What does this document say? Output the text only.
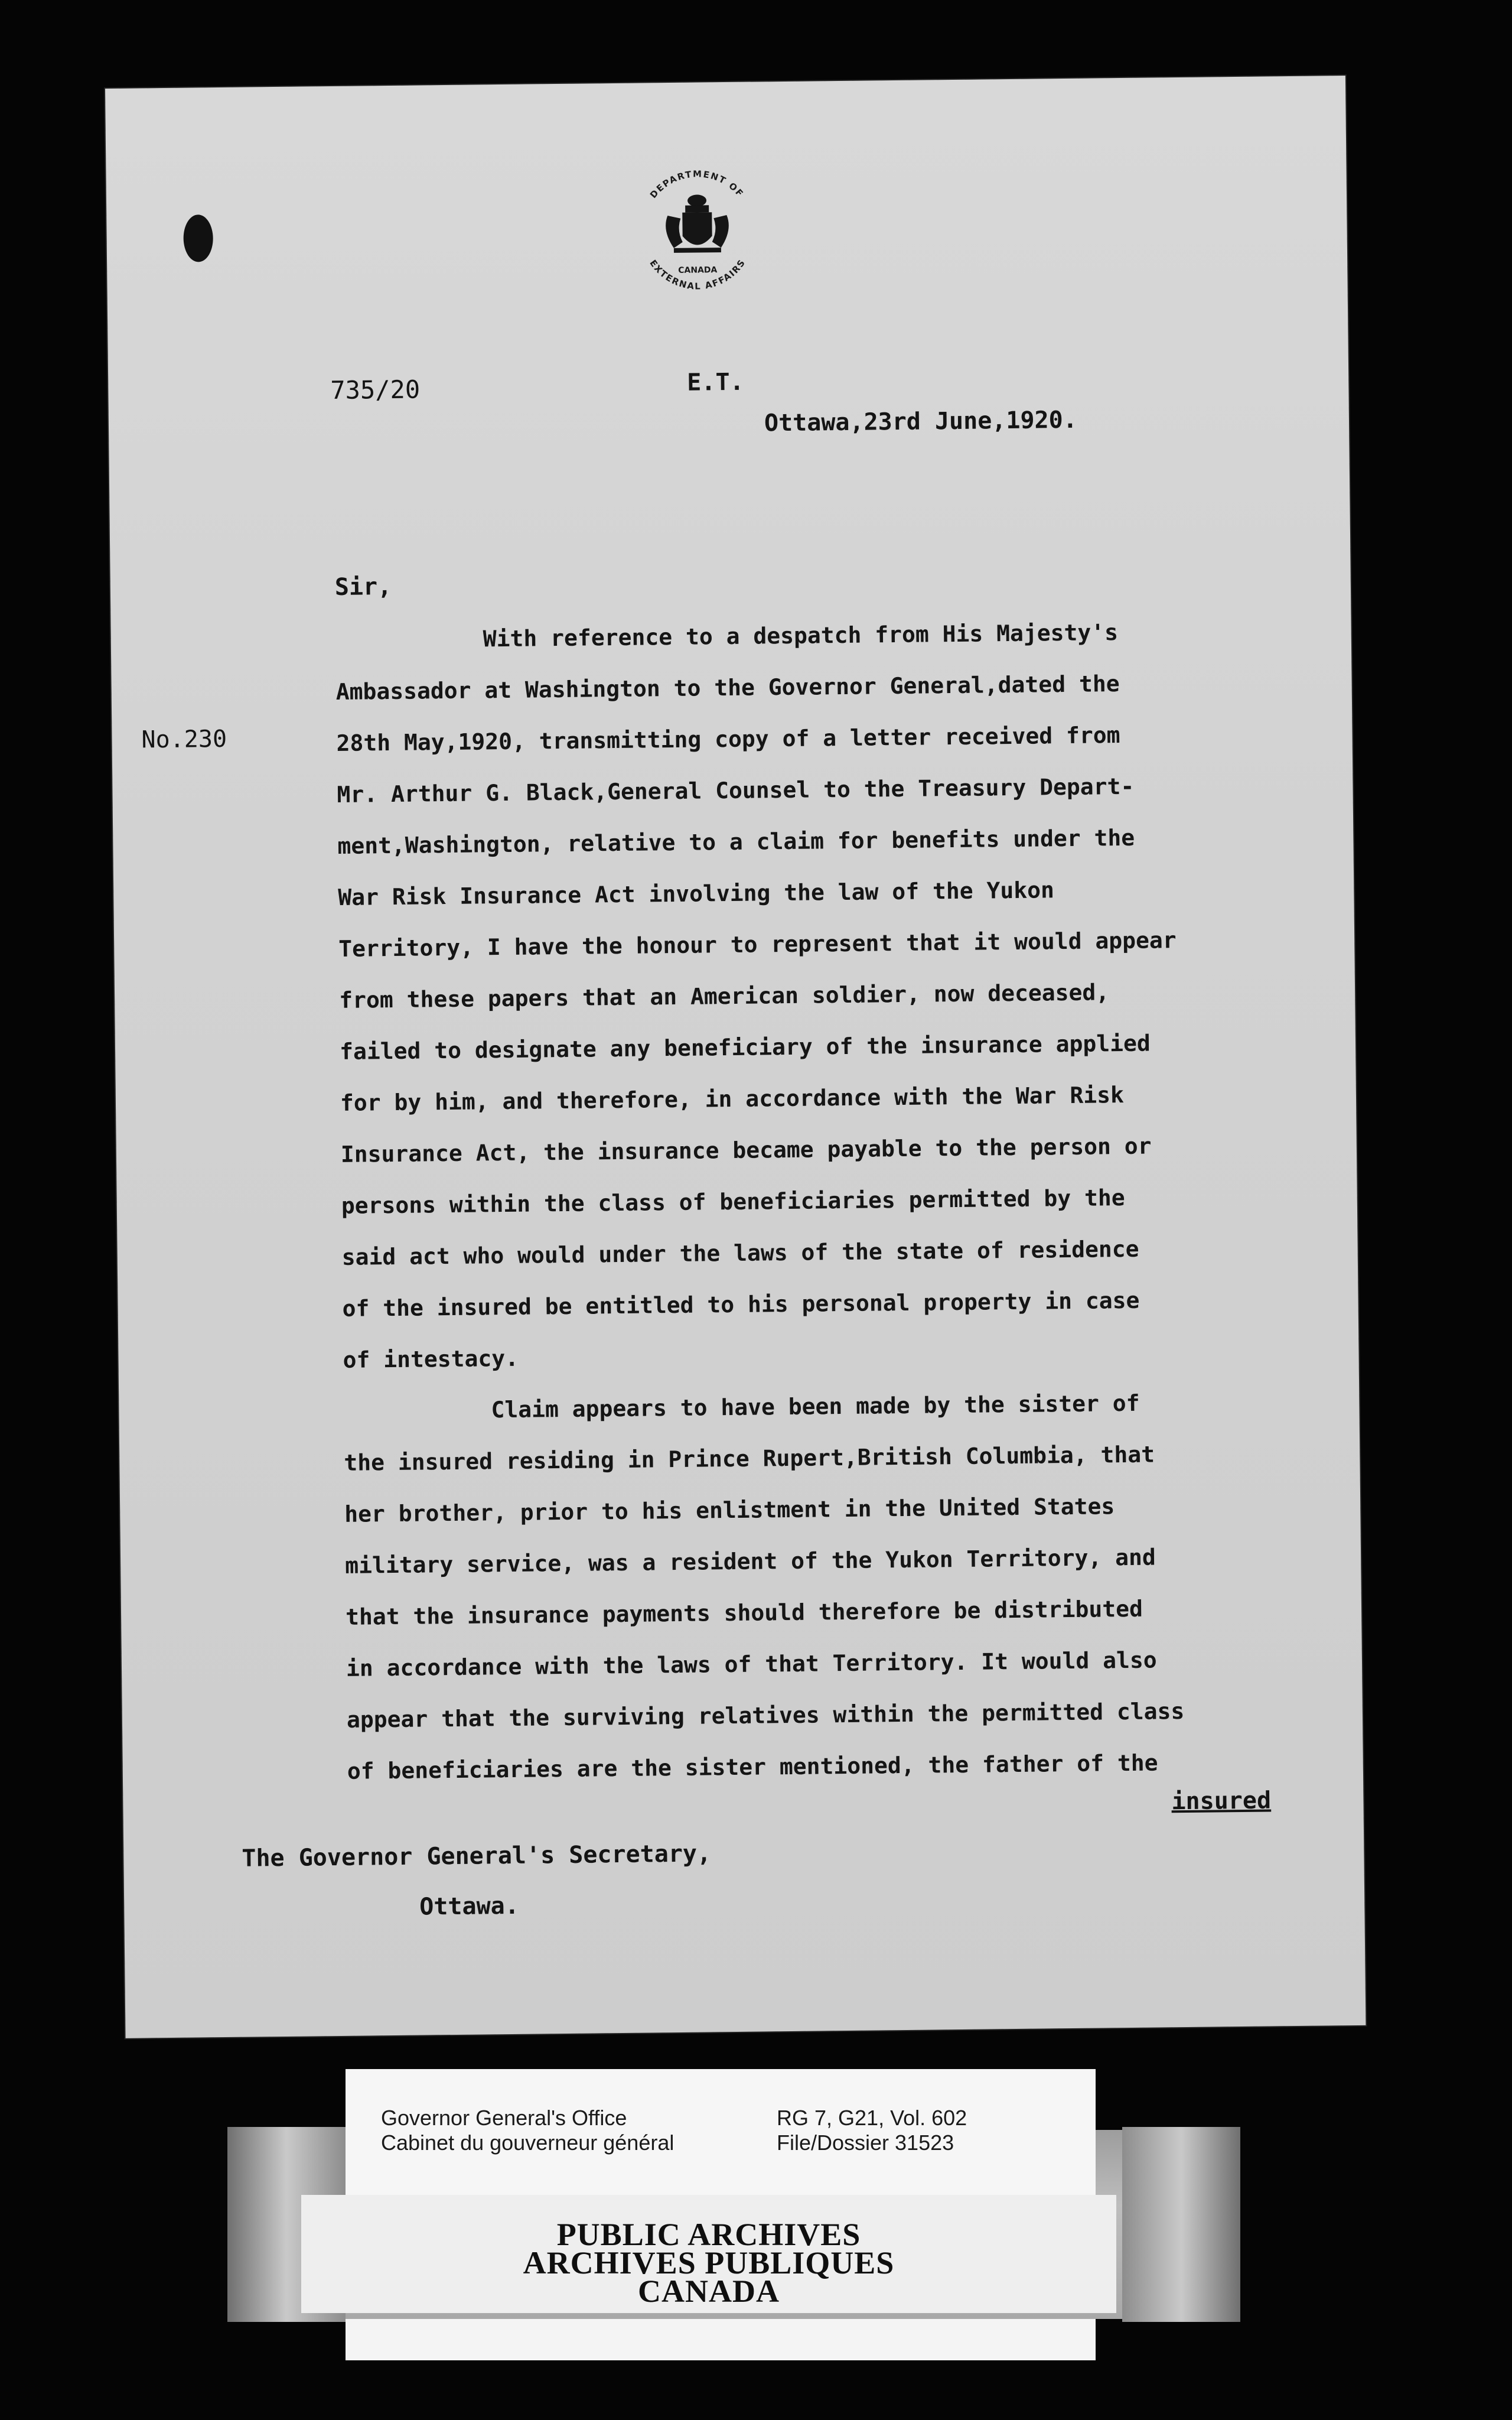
DEPARTMENT OF
EXTERNAL AFFAIRS
CANADA
735/20	E.T.
Ottawa,23rd June,1920.
Sir,
No.230
With reference to a despatch from His Majesty's
Ambassador at Washington to the Governor General,dated the
28th May,1920, transmitting copy of a letter received from
Mr. Arthur G. Black,General Counsel to the Treasury Depart-
ment,Washington, relative to a claim for benefits under the
War Risk Insurance Act involving the law of the Yukon
Territory, I have the honour to represent that it would appear
from these papers that an American soldier, now deceased,
failed to designate any beneficiary of the insurance applied
for by him, and therefore, in accordance with the War Risk
Insurance Act, the insurance became payable to the person or
persons within the class of beneficiaries permitted by the
said act who would under the laws of the state of residence
of the insured be entitled to his personal property in case
of intestacy.
Claim appears to have been made by the sister of
the insured residing in Prince Rupert,British Columbia, that
her brother, prior to his enlistment in the United States
military service, was a resident of the Yukon Territory, and
that the insurance payments should therefore be distributed
in accordance with the laws of that Territory. It would also
appear that the surviving relatives within the permitted class
of beneficiaries are the sister mentioned, the father of the
insured
The Governor General's Secretary,
Ottawa.
Governor General's Office
Cabinet du gouverneur général
RG 7, G21, Vol. 602
File/Dossier 31523
PUBLIC ARCHIVES
ARCHIVES PUBLIQUES
CANADA
